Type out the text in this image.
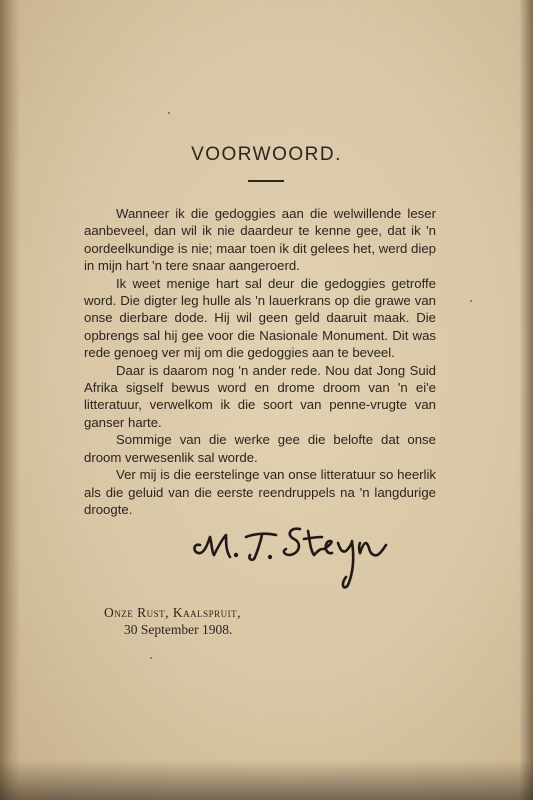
VOORWOORD.

Wanneer ik die gedoggies aan die welwillende leser aanbeveel, dan wil ik nie daardeur te kenne gee, dat ik 'n oordeelkundige is nie; maar toen ik dit gelees het, werd diep in mijn hart 'n tere snaar aangeroerd.

Ik weet menige hart sal deur die gedoggies getroffe word. Die digter leg hulle als 'n lauerkrans op die grawe van onse dierbare dode. Hij wil geen geld daaruit maak. Die opbrengs sal hij gee voor die Nasionale Monument. Dit was rede genoeg ver mij om die gedoggies aan te beveel.

Daar is daarom nog 'n ander rede. Nou dat Jong Suid Afrika sigself bewus word en drome droom van 'n ei'e litteratuur, verwelkom ik die soort van penne-vrugte van ganser harte.

Sommige van die werke gee die belofte dat onse droom verwesenlik sal worde.

Ver mij is die eerstelinge van onse litteratuur so heerlik als die geluid van die eerste reendruppels na 'n langdurige droogte.

Onze Rust, Kaalspruit,
30 September 1908.
